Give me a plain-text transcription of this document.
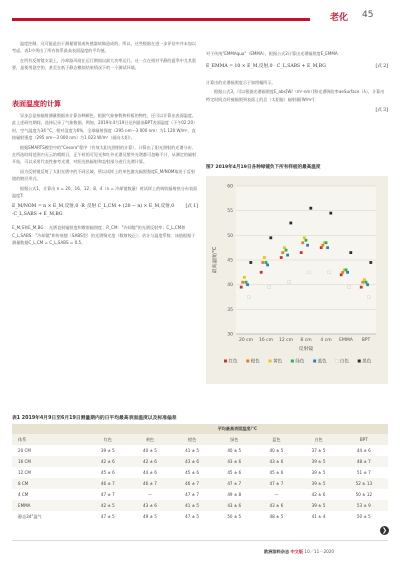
老化 45

温度控制，这可能是由于测量错误或传感器故障造成的。所以，这些数据在进一步评估中并未加以考虑。表1中列出了所有体系最高表面温度的平均值。

在所有反射镜支架上，冷却器风扇在运行期间以最大功率运行。这一点在相对平静的夏季中尤其重要，是使用悬空的、甚至在低于静态模拟结果情况下的一个测试环境。

表面温度的计算

异步总是按辐射测量数据来计算各种颜色、根据气象参数和样板的物性，还可以计算出表面温度。此上述研究期间，选择记录了气象数据。例如，2019年4月19日达到最高BPT表面温度（下午02:20）时，空气温度为34 °C，相对湿度为6%，全球辐射强度（295 nm～3 000 nm）为1 120 W/m²，直接辐射强度（295 nm～3 000 nm）为1 023 W/m²（面向太阳）。

根据SMARTS模型中的"Cesora"程序（有效太阳光照射的计算），计算出了阳光照射的光谱分布。在所选时间范围内无云的晴朗日，正午时的可见光和红外光谱及紫外光谱都可忽略不计，从测定的辐射开始，可以采用代表性参考光谱，对阳光热辐射和直射部分进行光谱计算。

因为反射镜反射了太阳光谱中的不同区域，所以试样上的单色激光辐照强度E_M/NOM取决于反射镜的镀层形式。

根据公式1，计算出 n = 20、16、12、8、4（n = 冷却镜数量）时试样上的吸收辐射热分布表面温度T:

E_M/NOM = n × E_M,反射,0 ·R_反射 C_L,CM + (20 − n) × E_M,反射,0 ·C_L,SABS + E_M,BG
[式 1]

E_M,S和E_M,BG ：光谱直射辐照度和散射辐照度；R_CM："冷却镜"的光谱反射率；C_L,CM和C_L,SABS："冷却镜"和传统镜（SABS型）的光谱聚光度（数射校正）；估计与温度系数：该值根据于测量数据C_L,CM = C_L,SABS = 0.5。

对于传统"EMMAqua"（EMMA），根据公式2计算出光谱辐照度E_EMMA：

E_EMMA = 10 × E_M,反射,0 · C_L,SABS + E_M,BG	[式 2]

计算出的光谱辐照度示于如图幅所示。

根据公式3，可以根据光谱辐照度E_abs[W/（m²·nm）]和光谱吸收率αeSurface（λ），计算出特定时间点时被辐照到表面上的总（太阳能）辐射量[W/m²]：

[式 3]
图7 2019年4月19日各种绿镜负下所有样板的最高温度
30
35
40
45
50
55
60
20 cm 16 cm 12 cm 8 cm 4 cm EMMA BPT
最高温度/°C
反射镜
红色	橙色	黄色	绿色	蓝色	白色	黑色
表1 2019年4月9日至6月19日测量期内的日平均最高表面温度以及标准偏差
	平均最高表面温度/°C						
体系	红色	黄色	橙色	绿色	蓝色	白色	BPT
20 CM	39 ± 5	40 ± 5	41 ± 5	40 ± 5	40 ± 5	37 ± 5	44 ± 6
16 CM	42 ± 6	42 ± 6	43 ± 6	43 ± 6	43 ± 6	39 ± 5	48 ± 7
12 CM	45 ± 6	44 ± 6	45 ± 6	45 ± 6	45 ± 6	39 ± 5	51 ± 7
8 CM	46 ± 7	46 ± 7	46 ± 7	47 ± 7	47 ± 7	39 ± 5	52 ± 13
4 CM	47 ± 7	—	47 ± 7	49 ± 8	—	42 ± 6	50 ± 12
EMMA	42 ± 5	43 ± 6	41 ± 5	43 ± 6	43 ± 6	39 ± 5	53 ± 9
静态34°温气	47 ± 5	49 ± 5	47 ± 5	50 ± 5	48 ± 5	41 ± 4	50 ± 5
❯
欧洲涂料杂志 中文版 10／11－2020
